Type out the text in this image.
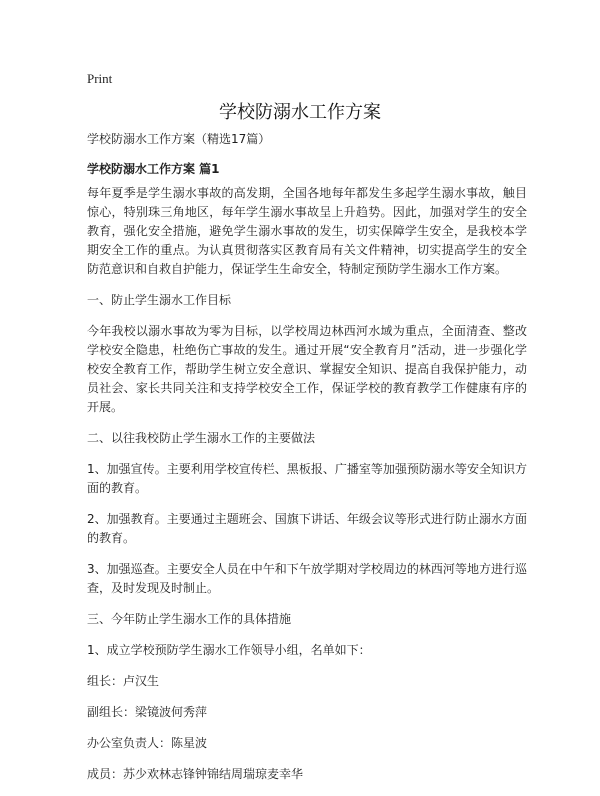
Print
学校防溺水工作方案

学校防溺水工作方案（精选17篇）

学校防溺水工作方案 篇1

每年夏季是学生溺水事故的高发期，全国各地每年都发生多起学生溺水事故，触目惊心，特别珠三角地区，每年学生溺水事故呈上升趋势。因此，加强对学生的安全教育，强化安全措施，避免学生溺水事故的发生，切实保障学生安全，是我校本学期安全工作的重点。为认真贯彻落实区教育局有关文件精神，切实提高学生的安全防范意识和自救自护能力，保证学生生命安全，特制定预防学生溺水工作方案。

一、防止学生溺水工作目标

今年我校以溺水事故为零为目标，以学校周边林西河水域为重点，全面清查、整改学校安全隐患，杜绝伤亡事故的发生。通过开展“安全教育月”活动，进一步强化学校安全教育工作，帮助学生树立安全意识、掌握安全知识、提高自我保护能力，动员社会、家长共同关注和支持学校安全工作，保证学校的教育教学工作健康有序的开展。

二、以往我校防止学生溺水工作的主要做法

1、加强宣传。主要利用学校宣传栏、黑板报、广播室等加强预防溺水等安全知识方面的教育。

2、加强教育。主要通过主题班会、国旗下讲话、年级会议等形式进行防止溺水方面的教育。

3、加强巡查。主要安全人员在中午和下午放学期对学校周边的林西河等地方进行巡查，及时发现及时制止。

三、今年防止学生溺水工作的具体措施

1、成立学校预防学生溺水工作领导小组，名单如下：

组长：卢汉生

副组长：梁镜波何秀萍

办公室负责人：陈星波

成员：苏少欢林志锋钟锦结周瑞琼麦幸华
